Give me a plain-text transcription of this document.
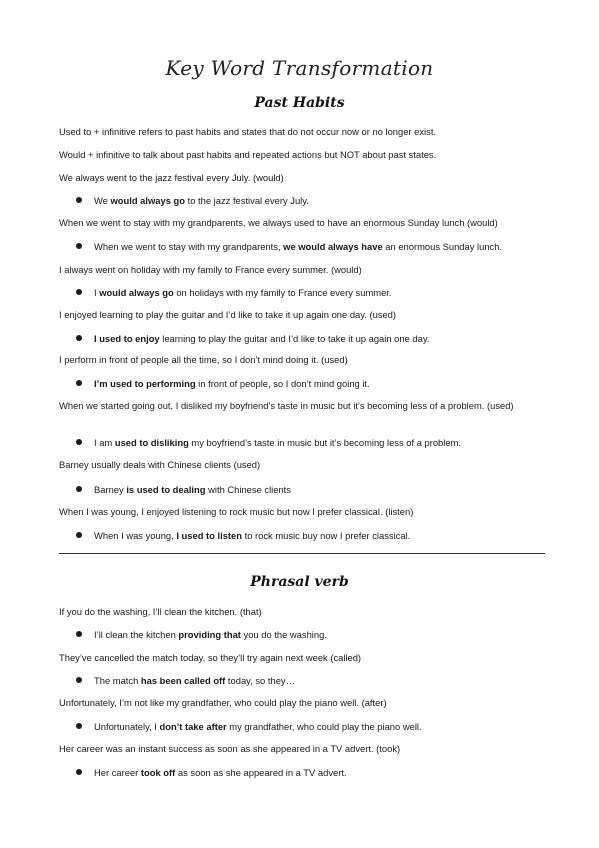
Key Word Transformation
Past Habits
Used to + infinitive refers to past habits and states that do not occur now or no longer exist.
Would + infinitive to talk about past habits and repeated actions but NOT about past states.
We always went to the jazz festival every July. (would)
We would always go to the jazz festival every July.
When we went to stay with my grandparents, we always used to have an enormous Sunday lunch (would)
When we went to stay with my grandparents, we would always have an enormous Sunday lunch.
I always went on holiday with my family to France every summer. (would)
I would always go on holidays with my family to France every summer.
I enjoyed learning to play the guitar and I’d like to take it up again one day. (used)
I used to enjoy learning to play the guitar and I’d like to take it up again one day.
I perform in front of people all the time, so I don’t mind doing it. (used)
I’m used to performing in front of people, so I don’t mind going it.
When we started going out, I disliked my boyfriend’s taste in music but it’s becoming less of a problem. (used)
I am used to disliking my boyfriend’s taste in music but it’s becoming less of a problem.
Barney usually deals with Chinese clients (used)
Barney is used to dealing with Chinese clients
When I was young, I enjoyed listening to rock music but now I prefer classical. (listen)
When I was young, I used to listen to rock music buy now I prefer classical.
Phrasal verb
If you do the washing, I’ll clean the kitchen. (that)
I’ll clean the kitchen providing that you do the washing.
They’ve cancelled the match today, so they’ll try again next week (called)
The match has been called off today, so they…
Unfortunately, I’m not like my grandfather, who could play the piano well. (after)
Unfortunately, I don’t take after my grandfather, who could play the piano well.
Her career was an instant success as soon as she appeared in a TV advert. (took)
Her career took off as soon as she appeared in a TV advert.
